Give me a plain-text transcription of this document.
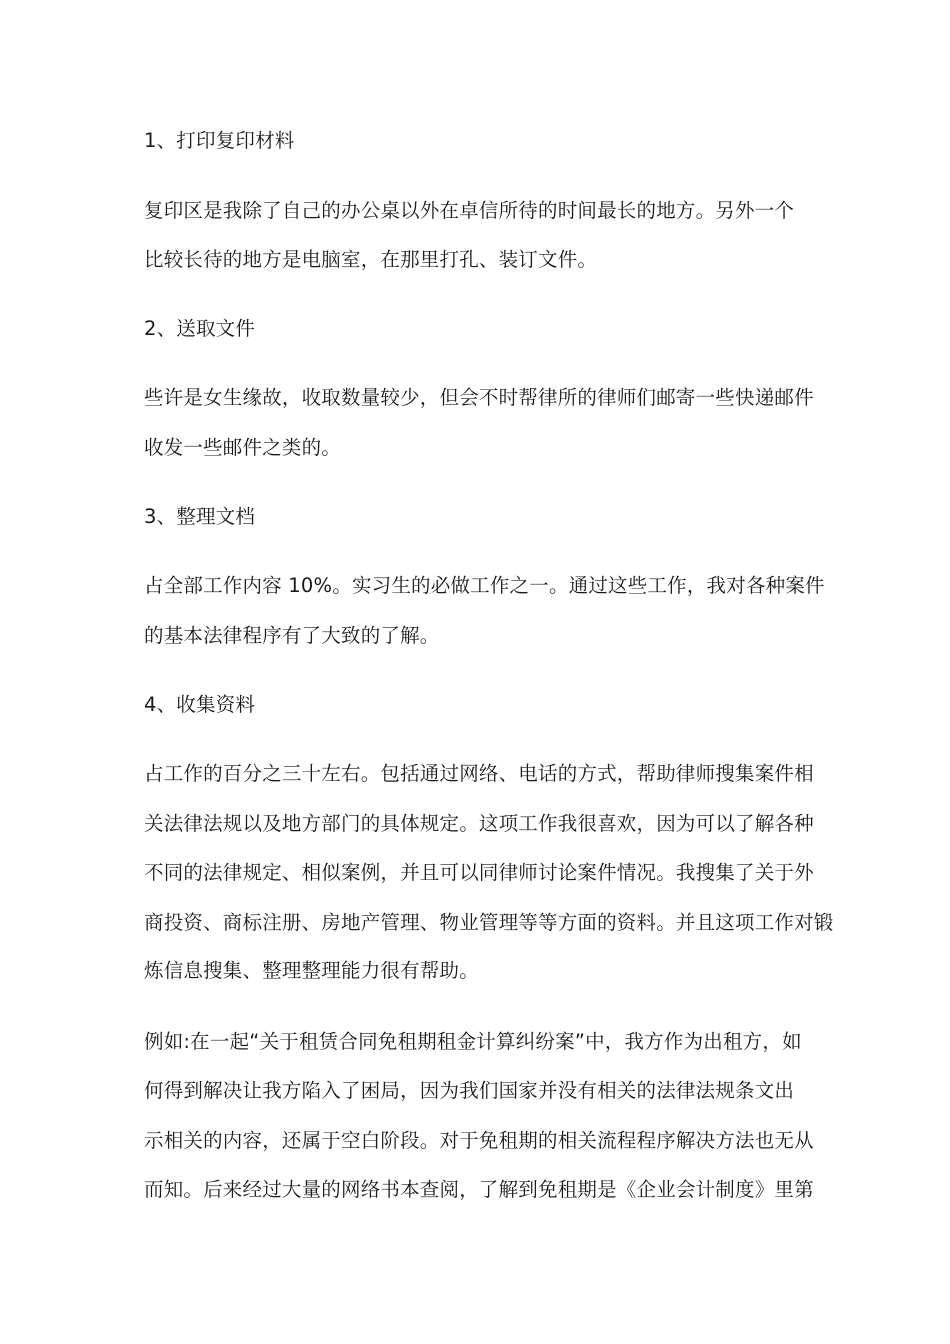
1、打印复印材料
复印区是我除了自己的办公桌以外在卓信所待的时间最长的地方。另外一个
比较长待的地方是电脑室，在那里打孔、装订文件。
2、送取文件
些许是女生缘故，收取数量较少，但会不时帮律所的律师们邮寄一些快递邮件
收发一些邮件之类的。
3、整理文档
占全部工作内容 10%。实习生的必做工作之一。通过这些工作，我对各种案件
的基本法律程序有了大致的了解。
4、收集资料
占工作的百分之三十左右。包括通过网络、电话的方式，帮助律师搜集案件相
关法律法规以及地方部门的具体规定。这项工作我很喜欢，因为可以了解各种
不同的法律规定、相似案例，并且可以同律师讨论案件情况。我搜集了关于外
商投资、商标注册、房地产管理、物业管理等等方面的资料。并且这项工作对锻
炼信息搜集、整理整理能力很有帮助。
例如:在一起“关于租赁合同免租期租金计算纠纷案”中，我方作为出租方，如
何得到解决让我方陷入了困局，因为我们国家并没有相关的法律法规条文出
示相关的内容，还属于空白阶段。对于免租期的相关流程程序解决方法也无从
而知。后来经过大量的网络书本查阅，了解到免租期是《企业会计制度》里第
